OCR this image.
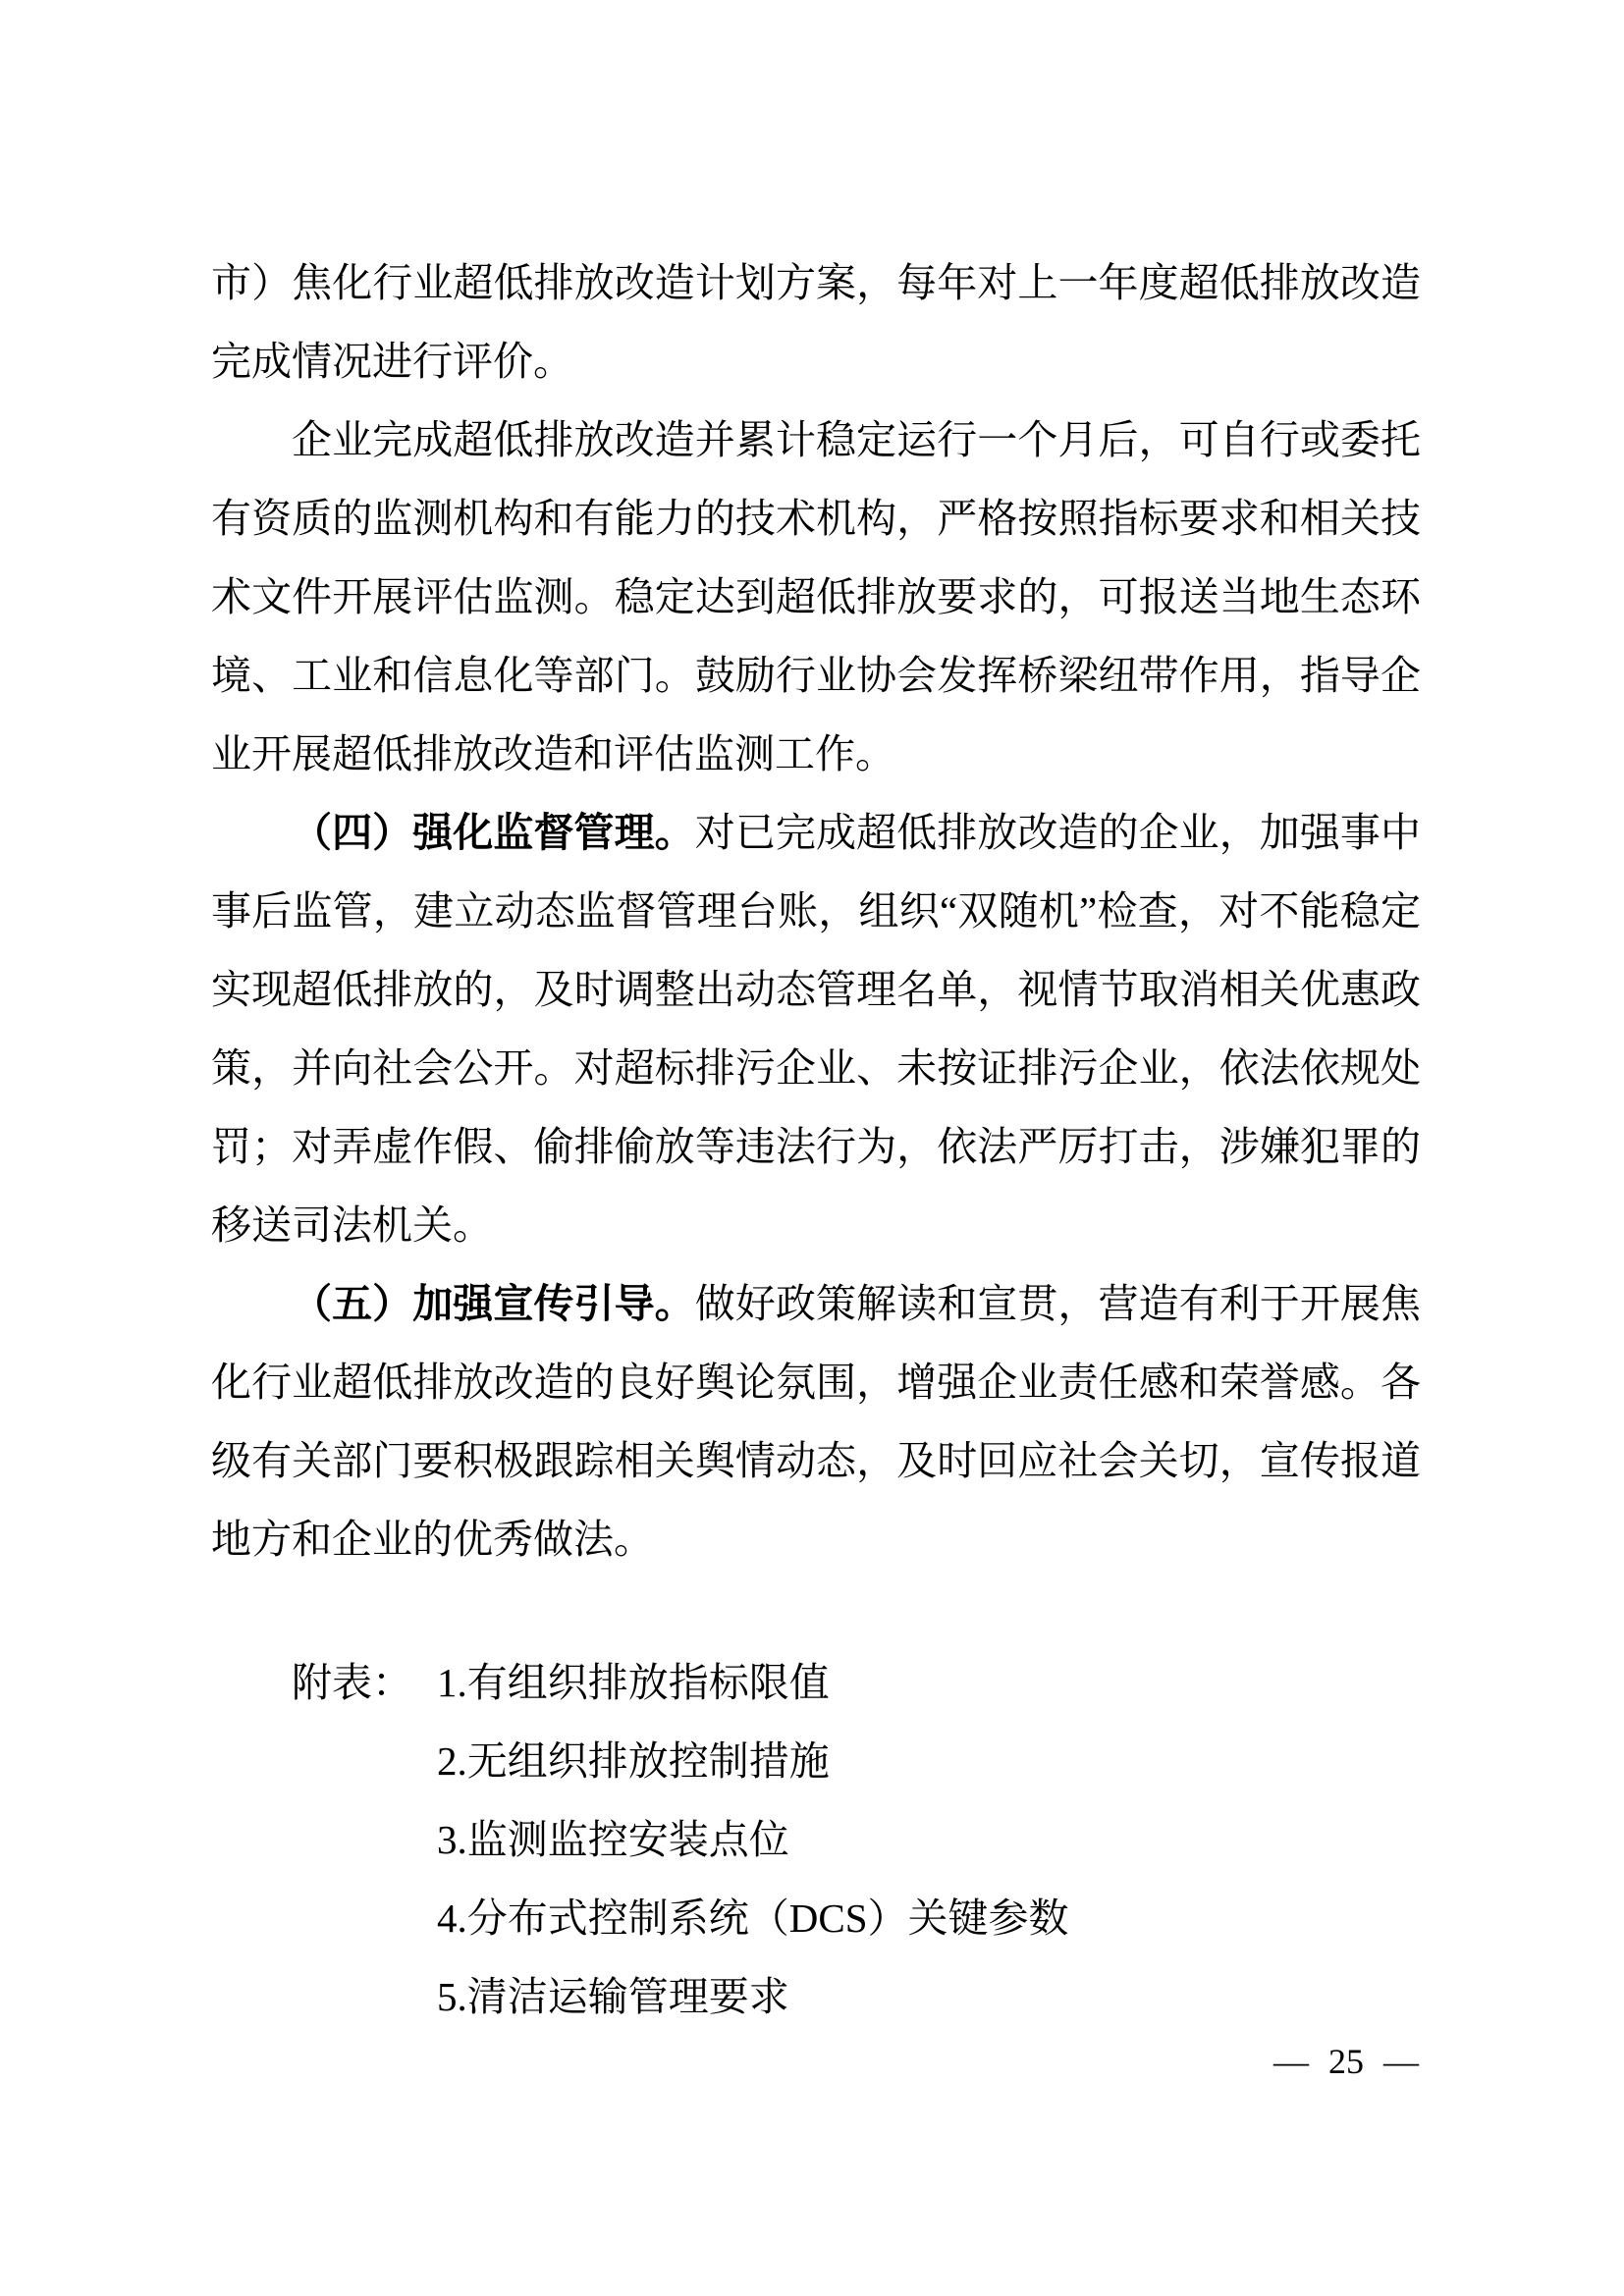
市）焦化行业超低排放改造计划方案，每年对上一年度超低排放改造完成情况进行评价。

企业完成超低排放改造并累计稳定运行一个月后，可自行或委托有资质的监测机构和有能力的技术机构，严格按照指标要求和相关技术文件开展评估监测。稳定达到超低排放要求的，可报送当地生态环境、工业和信息化等部门。鼓励行业协会发挥桥梁纽带作用，指导企业开展超低排放改造和评估监测工作。

（四）强化监督管理。对已完成超低排放改造的企业，加强事中事后监管，建立动态监督管理台账，组织“双随机”检查，对不能稳定实现超低排放的，及时调整出动态管理名单，视情节取消相关优惠政策，并向社会公开。对超标排污企业、未按证排污企业，依法依规处罚；对弄虚作假、偷排偷放等违法行为，依法严厉打击，涉嫌犯罪的移送司法机关。

（五）加强宣传引导。做好政策解读和宣贯，营造有利于开展焦化行业超低排放改造的良好舆论氛围，增强企业责任感和荣誉感。各级有关部门要积极跟踪相关舆情动态，及时回应社会关切，宣传报道地方和企业的优秀做法。

附表： 1.有组织排放指标限值
2.无组织排放控制措施
3.监测监控安装点位
4.分布式控制系统（DCS）关键参数
5.清洁运输管理要求
— 25 —
